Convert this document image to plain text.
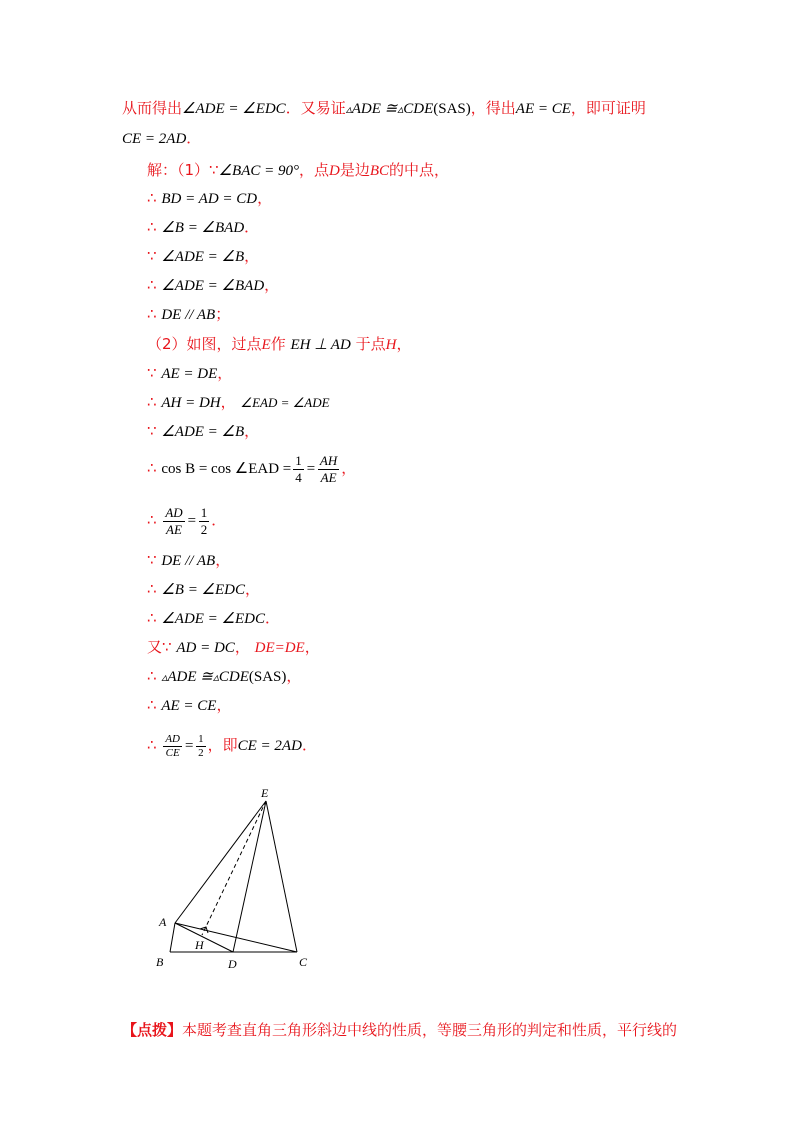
从而得出∠ADE = ∠EDC．又易证▵ADE ≅▵CDE(SAS)，得出AE = CE，即可证明
CE = 2AD．
解：（1）∵∠BAC = 90°，点D是边BC的中点，
∴ BD = AD = CD，
∴ ∠B = ∠BAD．
∵ ∠ADE = ∠B，
∴ ∠ADE = ∠BAD，
∴ DE // AB；
（2）如图，过点E作 EH ⊥ AD 于点H，
∵ AE = DE，
∴ AH = DH， ∠EAD = ∠ADE
∵ ∠ADE = ∠B，
∴ cos B = cos ∠EAD = $\frac{1}{4} = \frac{AH}{AE}$ ，
∴ $\frac{AD}{AE} = \frac{1}{2}$ ．
∵ DE // AB，
∴ ∠B = ∠EDC，
∴ ∠ADE = ∠EDC．
又∵ AD = DC， DE=DE，
∴ ▵ADE ≅▵CDE(SAS)，
∴ AE = CE，
∴ $\frac{AD}{CE} = \frac{1}{2}$ ，即CE = 2AD．
E
A
H
B	D	C
【点拨】本题考查直角三角形斜边中线的性质，等腰三角形的判定和性质，平行线的
